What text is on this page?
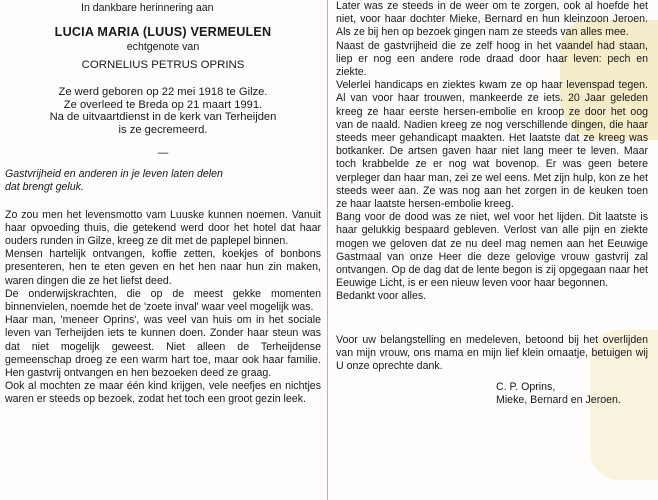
In dankbare herinnering aan
LUCIA MARIA (LUUS) VERMEULEN
echtgenote van
CORNELIUS PETRUS OPRINS
Ze werd geboren op 22 mei 1918 te Gilze.
Ze overleed te Breda op 21 maart 1991.
Na de uitvaartdienst in de kerk van Terheijden
is ze gecremeerd.
—
Gastvrijheid en anderen in je leven laten delen
dat brengt geluk.

Zo zou men het levensmotto vam Luuske kunnen noemen. Vanuit haar opvoeding thuis, die getekend werd door het hotel dat haar ouders runden in Gilze, kreeg ze dit met de paplepel binnen.

Mensen hartelijk ontvangen, koffie zetten, koekjes of bonbons presenteren, hen te eten geven en het hen naar hun zin maken, waren dingen die ze het liefst deed.

De onderwijskrachten, die op de meest gekke momenten binnenvielen, noemde het de 'zoete inval' waar veel mogelijk was.

Haar man, 'meneer Oprins', was veel van huis om in het sociale leven van Terheijden iets te kunnen doen. Zonder haar steun was dat niet mogelijk geweest. Niet alleen de Terheijdense gemeenschap droeg ze een warm hart toe, maar ook haar familie. Hen gastvrij ontvangen en hen bezoeken deed ze graag.

Ook al mochten ze maar één kind krijgen, vele neefjes en nichtjes waren er steeds op bezoek, zodat het toch een groot gezin leek.

Later was ze steeds in de weer om te zorgen, ook al hoefde het niet, voor haar dochter Mieke, Bernard en hun kleinzoon Jeroen. Als ze bij hen op bezoek gingen nam ze steeds van alles mee.

Naast de gastvrijheid die ze zelf hoog in het vaandel had staan, liep er nog een andere rode draad door haar leven: pech en ziekte.

Velerlei handicaps en ziektes kwam ze op haar levenspad tegen. Al van voor haar trouwen, mankeerde ze iets. 20 Jaar geleden kreeg ze haar eerste hersen-embolie en kroop ze door het oog van de naald. Nadien kreeg ze nog verschillende dingen, die haar steeds meer gehandicapt maakten. Het laatste dat ze kreeg was botkanker. De artsen gaven haar niet lang meer te leven. Maar toch krabbelde ze er nog wat bovenop. Er was geen betere verpleger dan haar man, zei ze wel eens. Met zijn hulp, kon ze het steeds weer aan. Ze was nog aan het zorgen in de keuken toen ze haar laatste hersen-embolie kreeg.

Bang voor de dood was ze niet, wel voor het lijden. Dit laatste is haar gelukkig bespaard gebleven. Verlost van alle pijn en ziekte mogen we geloven dat ze nu deel mag nemen aan het Eeuwige Gastmaal van onze Heer die deze gelovige vrouw gastvrij zal ontvangen. Op de dag dat de lente begon is zij opgegaan naar het Eeuwige Licht, is er een nieuw leven voor haar begonnen.

Bedankt voor alles.

Voor uw belangstelling en medeleven, betoond bij het overlijden van mijn vrouw, ons mama en mijn lief klein omaatje, betuigen wij U onze oprechte dank.

C. P. Oprins,
Mieke, Bernard en Jeroen.
